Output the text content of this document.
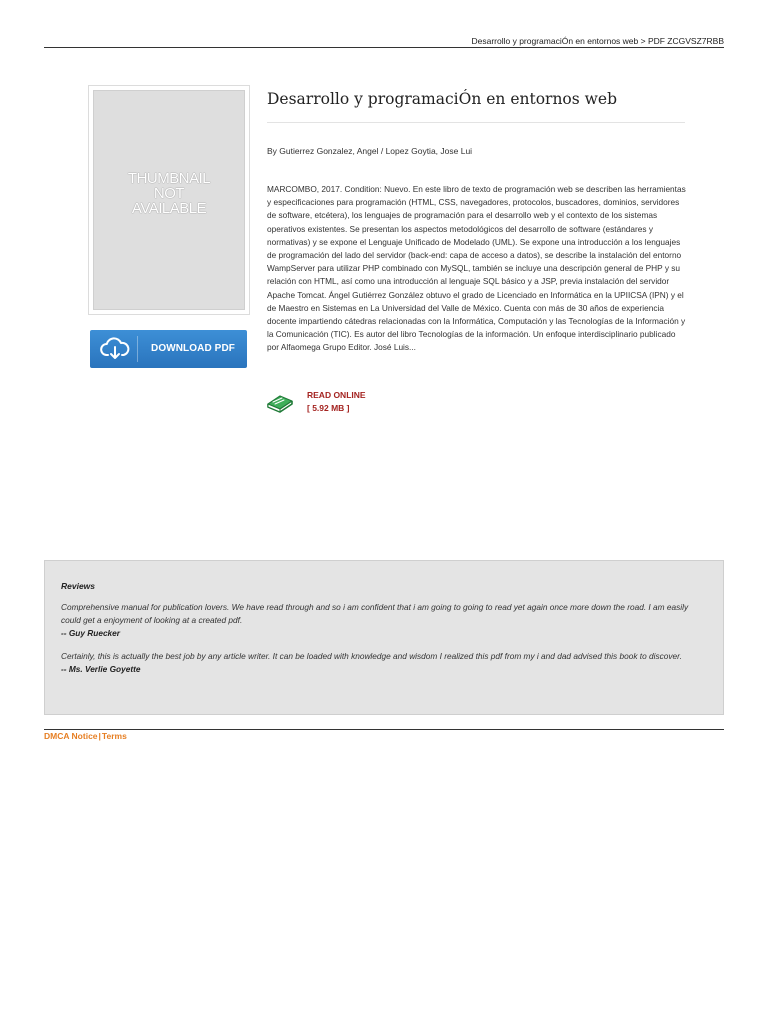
Desarrollo y programaciÓn en entornos web > PDF ZCGVSZ7RBB
THUMBNAIL
NOT
AVAILABLE
DOWNLOAD PDF
Desarrollo y programaciÓn en entornos web
By Gutierrez Gonzalez, Angel / Lopez Goytia, Jose Lui
MARCOMBO, 2017. Condition: Nuevo. En este libro de texto de programación web se describen las herramientas y especificaciones para programación (HTML, CSS, navegadores, protocolos, buscadores, dominios, servidores de software, etcétera), los lenguajes de programación para el desarrollo web y el contexto de los sistemas operativos existentes. Se presentan los aspectos metodológicos del desarrollo de software (estándares y normativas) y se expone el Lenguaje Unificado de Modelado (UML). Se expone una introducción a los lenguajes de programación del lado del servidor (back-end: capa de acceso a datos), se describe la instalación del entorno WampServer para utilizar PHP combinado con MySQL, también se incluye una descripción general de PHP y su relación con HTML, así como una introducción al lenguaje SQL básico y a JSP, previa instalación del servidor Apache Tomcat. Ángel Gutiérrez González obtuvo el grado de Licenciado en Informática en la UPIICSA (IPN) y el de Maestro en Sistemas en La Universidad del Valle de México. Cuenta con más de 30 años de experiencia docente impartiendo cátedras relacionadas con la Informática, Computación y las Tecnologías de la Información y la Comunicación (TIC). Es autor del libro Tecnologías de la información. Un enfoque interdisciplinario publicado por Alfaomega Grupo Editor. José Luis...
READ ONLINE
[ 5.92 MB ]
Reviews
Comprehensive manual for publication lovers. We have read through and so i am confident that i am going to going to read yet again once more down the road. I am easily could get a enjoyment of looking at a created pdf.
-- Guy Ruecker
Certainly, this is actually the best job by any article writer. It can be loaded with knowledge and wisdom I realized this pdf from my i and dad advised this book to discover.
-- Ms. Verlie Goyette
DMCA Notice|Terms
